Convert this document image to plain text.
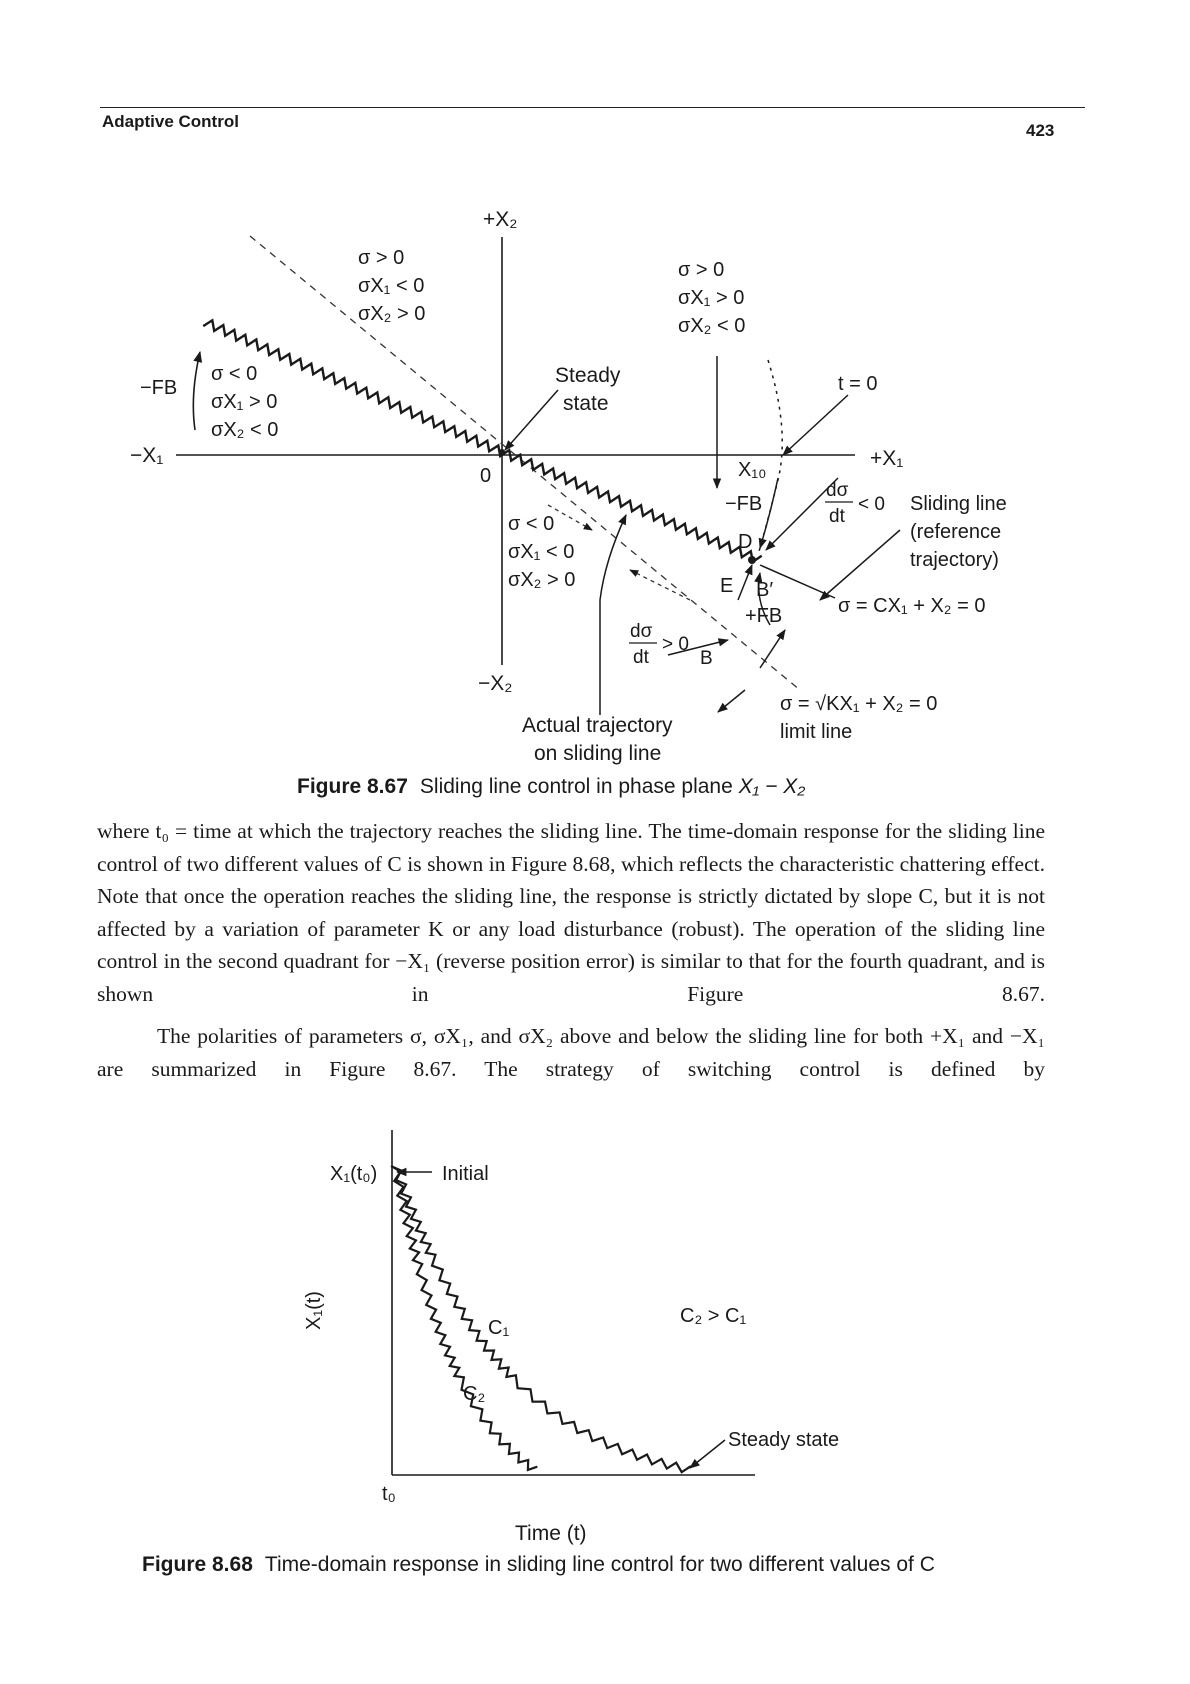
Adaptive Control	423
+X₂
−X₂
+X₁
−X₁
0
σ > 0
σX₁ < 0
σX₂ > 0
σ > 0
σX₁ > 0
σX₂ < 0
σ < 0
σX₁ > 0
σX₂ < 0
σ < 0
σX₁ < 0
σX₂ > 0
−FB
−FB
+FB
Steady
state
t = 0
X₁₀
dσ
dt
< 0 Sliding line
(reference
trajectory)
σ = CX₁ + X₂ = 0
D
E B′
B
dσ
dt
> 0
σ = √KX₁ + X₂ = 0
limit line
Actual trajectory
on sliding line
X₁(t₀)	Initial
X₁(t)	C₁
C₂
C₂ > C₁
Steady state
t₀
Time (t)
Figure 8.67 Sliding line control in phase plane X₁ − X₂

where t₀ = time at which the trajectory reaches the sliding line. The time-domain response for the sliding line control of two different values of C is shown in Figure 8.68, which reflects the characteristic chattering effect. Note that once the operation reaches the sliding line, the response is strictly dictated by slope C, but it is not affected by a variation of parameter K or any load disturbance (robust). The operation of the sliding line control in the second quadrant for −X₁ (reverse position error) is similar to that for the fourth quadrant, and is shown in Figure 8.67.

The polarities of parameters σ, σX₁, and σX₂ above and below the sliding line for both +X₁ and −X₁ are summarized in Figure 8.67. The strategy of switching control is defined by

Figure 8.68 Time-domain response in sliding line control for two different values of C
